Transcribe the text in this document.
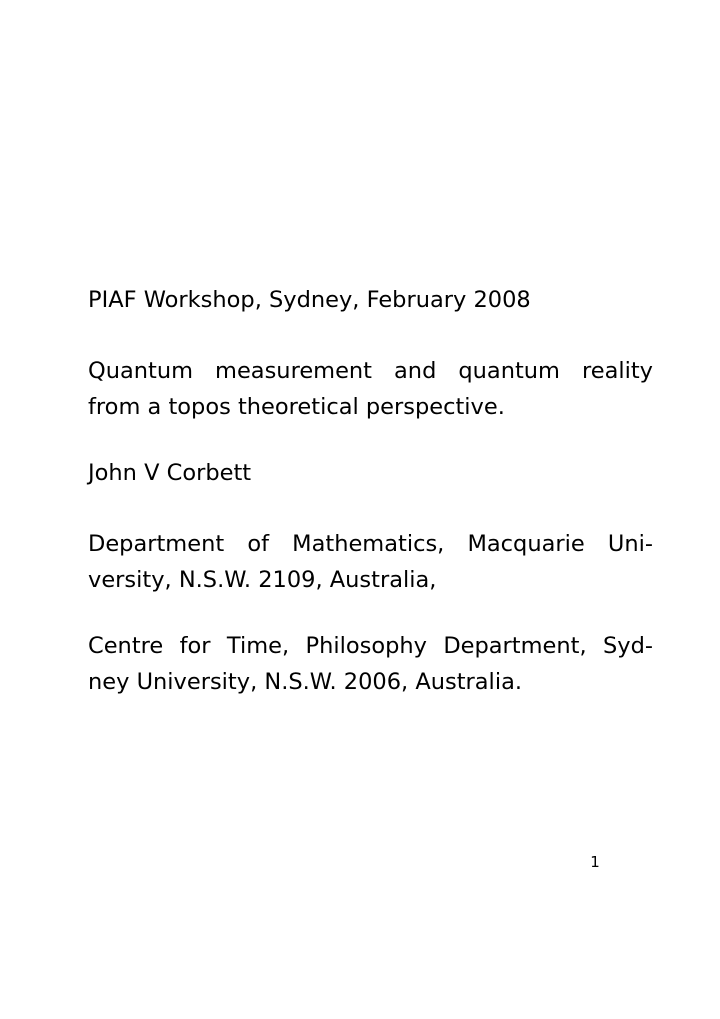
PIAF Workshop, Sydney, February 2008
Quantum measurement and quantum reality
from a topos theoretical perspective.
John V Corbett
Department of Mathematics, Macquarie Uni-
versity, N.S.W. 2109, Australia,
Centre for Time, Philosophy Department, Syd-
ney University, N.S.W. 2006, Australia.
1
